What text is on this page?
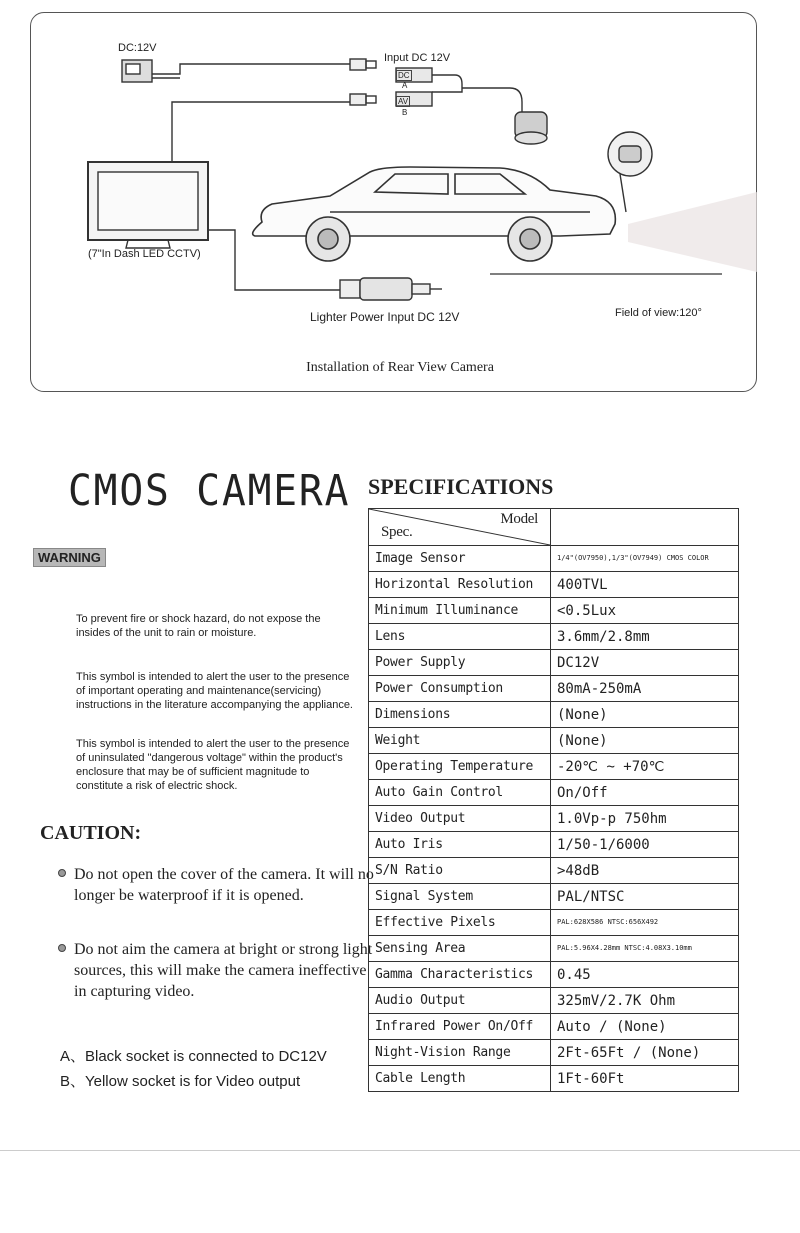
DC:12V
Input DC 12V
DC
A
AV
B
(7"In Dash LED CCTV)
Lighter Power Input DC 12V	Field of view:120°
Installation of Rear View Camera
CMOS CAMERA
WARNING
To prevent fire or shock hazard, do not expose the insides of the unit to rain or moisture.
This symbol is intended to alert the user to the presence of important operating and maintenance(servicing) instructions in the literature accompanying the appliance.
This symbol is intended to alert the user to the presence of uninsulated "dangerous voltage" within the product's enclosure that may be of sufficient magnitude to constitute a risk of electric shock.
CAUTION:
Do not open the cover of the camera. It will no longer be waterproof if it is opened.
Do not aim the camera at bright or strong light sources, this will make the camera ineffective in capturing video.
A、Black socket is connected to DC12V
B、Yellow socket is for Video output
SPECIFICATIONS
Spec.
Model	

Image Sensor	1/4"(OV7950),1/3"(OV7949) CMOS COLOR
Horizontal Resolution	400TVL
Minimum Illuminance	<0.5Lux
Lens	3.6mm/2.8mm
Power Supply	DC12V
Power Consumption	80mA-250mA
Dimensions	(None)
Weight	(None)
Operating Temperature	-20℃ ~ +70℃
Auto Gain Control	On/Off
Video Output	1.0Vp-p 750hm
Auto Iris	1/50-1/6000
S/N Ratio	>48dB
Signal System	PAL/NTSC
Effective Pixels	PAL:628X586 NTSC:656X492
Sensing Area	PAL:5.96X4.28mm NTSC:4.08X3.10mm
Gamma Characteristics	0.45
Audio Output	325mV/2.7K Ohm
Infrared Power On/Off	Auto / (None)
Night-Vision Range	2Ft-65Ft / (None)
Cable Length	1Ft-60Ft
